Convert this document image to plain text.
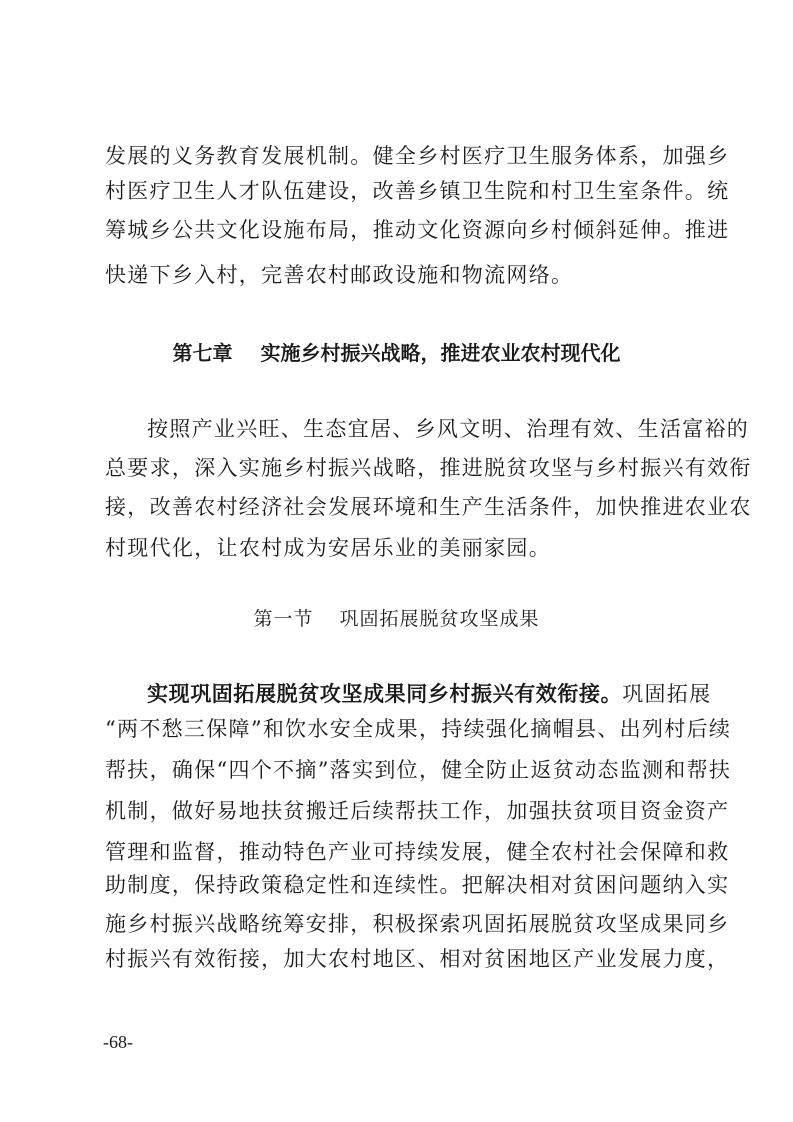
发展的义务教育发展机制。健全乡村医疗卫生服务体系，加强乡
村医疗卫生人才队伍建设，改善乡镇卫生院和村卫生室条件。统
筹城乡公共文化设施布局，推动文化资源向乡村倾斜延伸。推进
快递下乡入村，完善农村邮政设施和物流网络。
第七章 实施乡村振兴战略，推进农业农村现代化
按照产业兴旺、生态宜居、乡风文明、治理有效、生活富裕的
总要求，深入实施乡村振兴战略，推进脱贫攻坚与乡村振兴有效衔
接，改善农村经济社会发展环境和生产生活条件，加快推进农业农
村现代化，让农村成为安居乐业的美丽家园。
第一节 巩固拓展脱贫攻坚成果
实现巩固拓展脱贫攻坚成果同乡村振兴有效衔接。巩固拓展
“两不愁三保障”和饮水安全成果，持续强化摘帽县、出列村后续
帮扶，确保“四个不摘”落实到位，健全防止返贫动态监测和帮扶
机制，做好易地扶贫搬迁后续帮扶工作，加强扶贫项目资金资产
管理和监督，推动特色产业可持续发展，健全农村社会保障和救
助制度，保持政策稳定性和连续性。把解决相对贫困问题纳入实
施乡村振兴战略统筹安排，积极探索巩固拓展脱贫攻坚成果同乡
村振兴有效衔接，加大农村地区、相对贫困地区产业发展力度，
-68-
